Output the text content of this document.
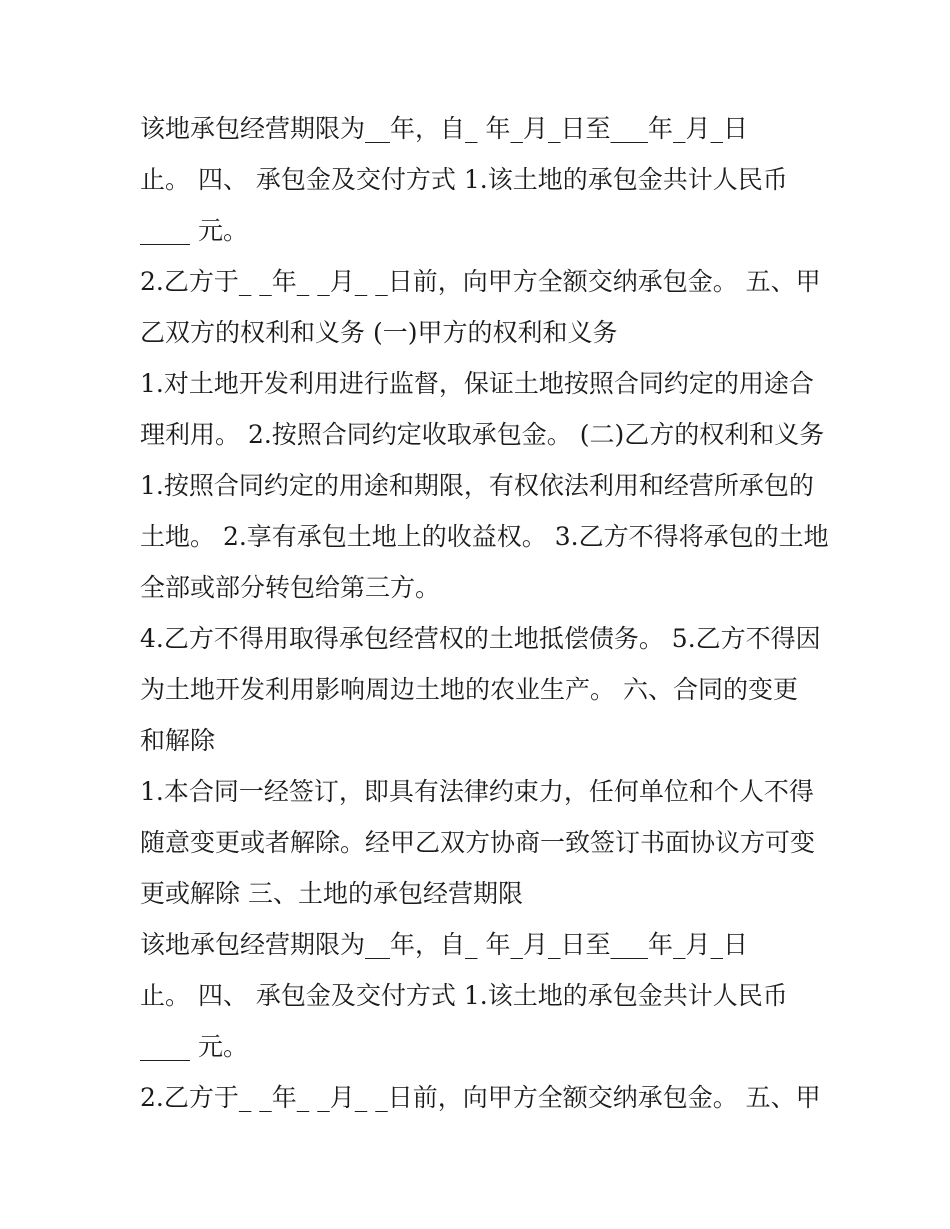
该地承包经营期限为__年，自_ 年_月_日至___年_月_日
止。 四、 承包金及交付方式 1.该土地的承包金共计人民币
____ 元。
2.乙方于_ _年_ _月_ _日前，向甲方全额交纳承包金。 五、甲
乙双方的权利和义务 (一)甲方的权利和义务
1.对土地开发利用进行监督，保证土地按照合同约定的用途合
理利用。 2.按照合同约定收取承包金。 (二)乙方的权利和义务
1.按照合同约定的用途和期限，有权依法利用和经营所承包的
土地。 2.享有承包土地上的收益权。 3.乙方不得将承包的土地
全部或部分转包给第三方。
4.乙方不得用取得承包经营权的土地抵偿债务。 5.乙方不得因
为土地开发利用影响周边土地的农业生产。 六、合同的变更
和解除
1.本合同一经签订，即具有法律约束力，任何单位和个人不得
随意变更或者解除。经甲乙双方协商一致签订书面协议方可变
更或解除 三、土地的承包经营期限
该地承包经营期限为__年，自_ 年_月_日至___年_月_日
止。 四、 承包金及交付方式 1.该土地的承包金共计人民币
____ 元。
2.乙方于_ _年_ _月_ _日前，向甲方全额交纳承包金。 五、甲
